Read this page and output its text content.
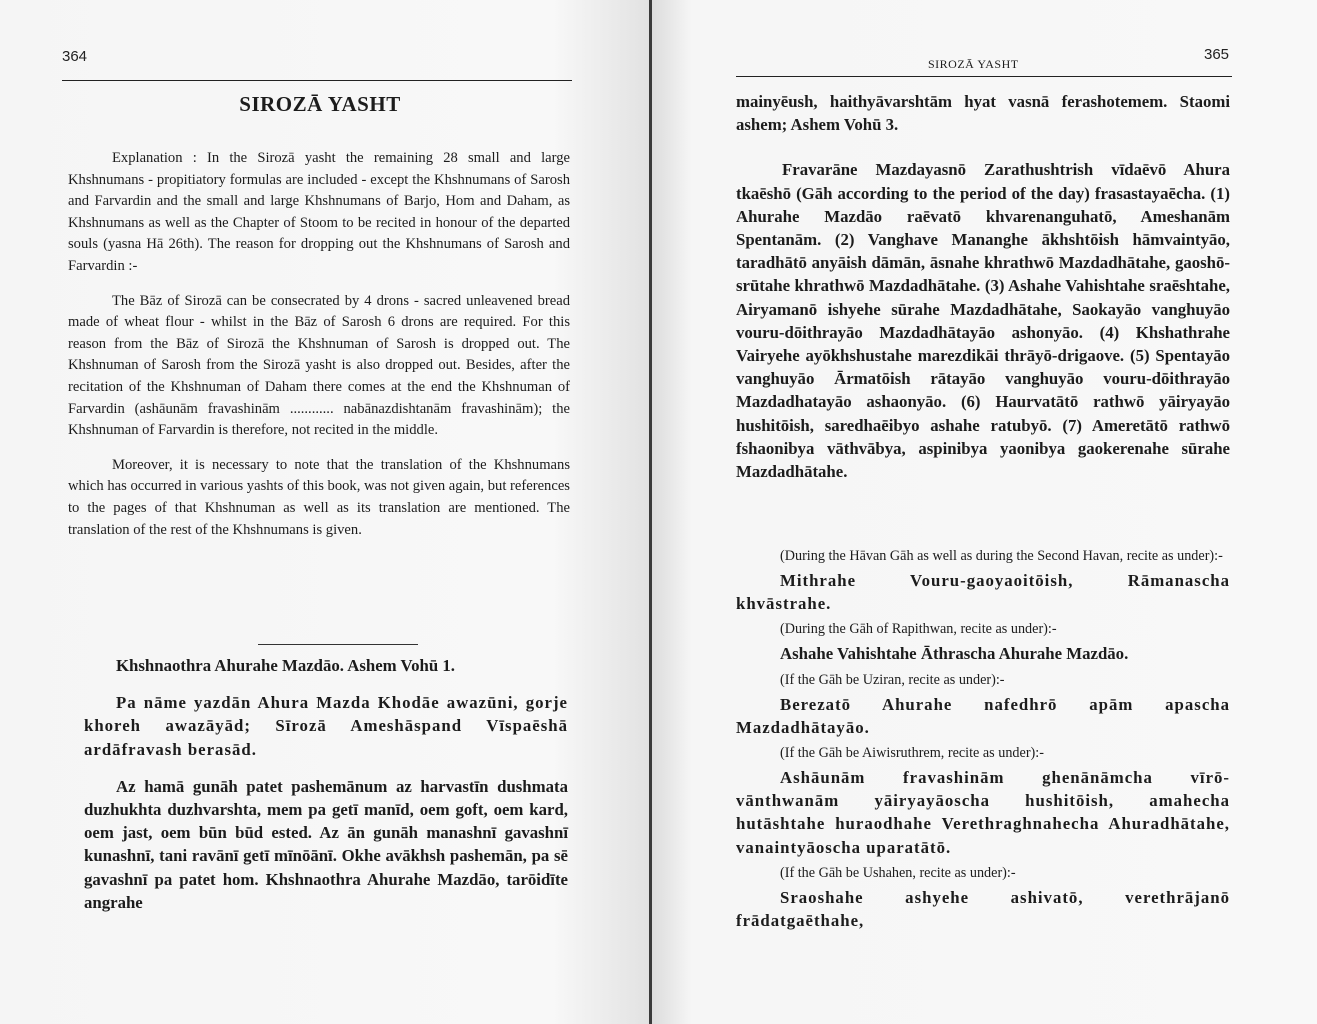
364
SIROZĀ YASHT

Explanation : In the Sirozā yasht the remaining 28 small and large Khshnumans - propitiatory formulas are included - except the Khshnumans of Sarosh and Farvardin and the small and large Khshnumans of Barjo, Hom and Daham, as Khshnumans as well as the Chapter of Stoom to be recited in honour of the departed souls (yasna Hā 26th). The reason for dropping out the Khshnumans of Sarosh and Farvardin :-

The Bāz of Sirozā can be consecrated by 4 drons - sacred unleavened bread made of wheat flour - whilst in the Bāz of Sarosh 6 drons are required. For this reason from the Bāz of Sirozā the Khshnuman of Sarosh is dropped out. The Khshnuman of Sarosh from the Sirozā yasht is also dropped out. Besides, after the recitation of the Khshnuman of Daham there comes at the end the Khshnuman of Farvardin (ashāunām fravashinām ............ nabānazdishtanām fravashinām); the Khshnuman of Farvardin is therefore, not recited in the middle.

Moreover, it is necessary to note that the translation of the Khshnumans which has occurred in various yashts of this book, was not given again, but references to the pages of that Khshnuman as well as its translation are mentioned. The translation of the rest of the Khshnumans is given.

Khshnaothra Ahurahe Mazdāo. Ashem Vohū 1.

Pa nāme yazdān Ahura Mazda Khodāe awazūni, gorje khoreh awazāyād; Sīrozā Ameshāspand Vīspaēshā ardāfravash berasād.

Az hamā gunāh patet pashemānum az harvastīn dushmata duzhukhta duzhvarshta, mem pa getī manīd, oem goft, oem kard, oem jast, oem būn būd ested. Az ān gunāh manashnī gavashnī kunashnī, tani ravānī getī mīnōānī. Okhe avākhsh pashemān, pa sē gavashnī pa patet hom. Khshnaothra Ahurahe Mazdāo, tarōidīte angrahe

SIROZĀ YASHT
365

mainyēush, haithyāvarshtām hyat vasnā ferashotemem. Staomi ashem; Ashem Vohū 3.

Fravarāne Mazdayasnō Zarathushtrish vīdaēvō Ahura tkaēshō (Gāh according to the period of the day) frasastayaēcha. (1) Ahurahe Mazdāo raēvatō khvarenanguhatō, Ameshanām Spentanām. (2) Vanghave Mananghe ākhshtōish hāmvaintyāo, taradhātō anyāish dāmān, āsnahe khrathwō Mazdadhātahe, gaoshō-srūtahe khrathwō Mazdadhātahe. (3) Ashahe Vahishtahe sraēshtahe, Airyamanō ishyehe sūrahe Mazdadhātahe, Saokayāo vanghuyāo vouru-dōithrayāo Mazdadhātayāo ashonyāo. (4) Khshathrahe Vairyehe ayōkhshustahe marezdikāi thrāyō-drigaove. (5) Spentayāo vanghuyāo Ārmatōish rātayāo vanghuyāo vouru-dōithrayāo Mazdadhatayāo ashaonyāo. (6) Haurvatātō rathwō yāiryayāo hushitōish, saredhaēibyo ashahe ratubyō. (7) Ameretātō rathwō fshaonibya vāthvābya, aspinibya yaonibya gaokerenahe sūrahe Mazdadhātahe.

(During the Hāvan Gāh as well as during the Second Havan, recite as under):-

Mithrahe Vouru-gaoyaoitōish, Rāmanascha khvāstrahe.

(During the Gāh of Rapithwan, recite as under):-

Ashahe Vahishtahe Āthrascha Ahurahe Mazdāo.

(If the Gāh be Uziran, recite as under):-

Berezatō Ahurahe nafedhrō apām apascha Mazdadhātayāo.

(If the Gāh be Aiwisruthrem, recite as under):-

Ashāunām fravashinām ghenānāmcha vīrō-vānthwanām yāiryayāoscha hushitōish, amahecha hutāshtahe huraodhahe Verethraghnahecha Ahuradhātahe, vanaintyāoscha uparatātō.

(If the Gāh be Ushahen, recite as under):-

Sraoshahe ashyehe ashivatō, verethrājanō frādatgaēthahe,
